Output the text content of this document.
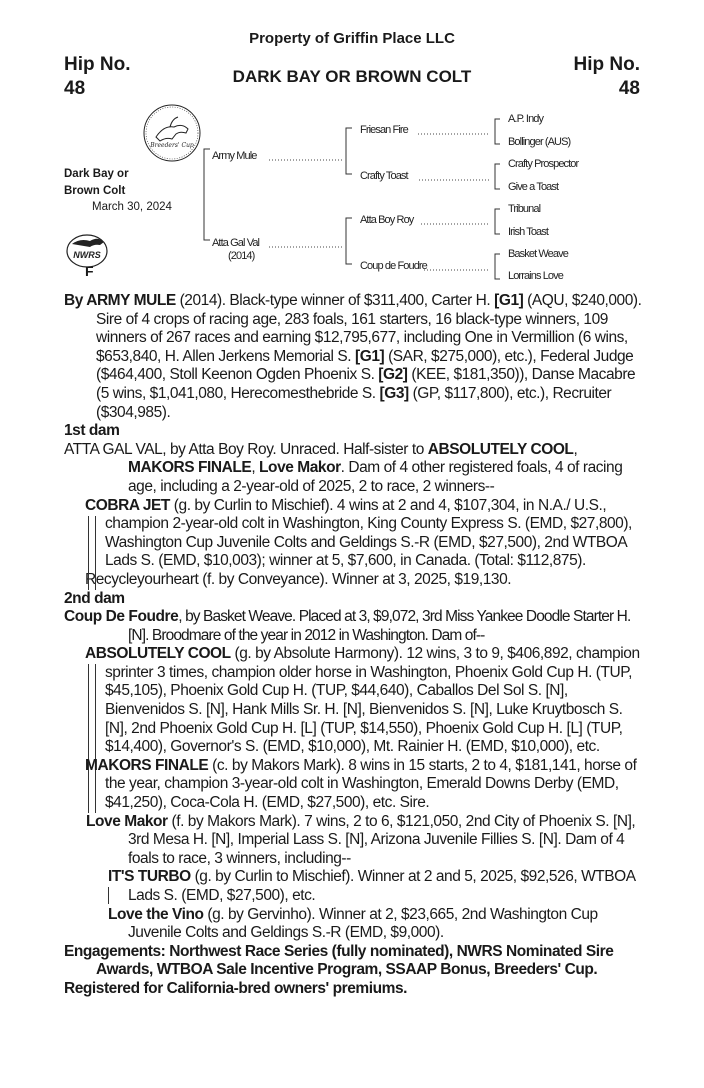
Property of Griffin Place LLC
Hip No.
48
Hip No.
48
DARK BAY OR BROWN COLT
Breeders' Cup
Dark Bay or
Brown Colt
March 30, 2024
NWRS
F
Army Mule
Atta Gal Val
(2014)
Friesan Fire
Crafty Toast
Atta Boy Roy
Coup de Foudre
A.P. Indy
Bollinger (AUS)
Crafty Prospector
Give a Toast
Tribunal
Irish Toast
Basket Weave
Lorrains Love

By ARMY MULE (2014). Black-type winner of $311,400, Carter H. [G1] (AQU, $240,000). Sire of 4 crops of racing age, 283 foals, 161 starters, 16 black-type winners, 109 winners of 267 races and earning $12,795,677, including One in Vermillion (6 wins, $653,840, H. Allen Jerkens Memorial S. [G1] (SAR, $275,000), etc.), Federal Judge ($464,400, Stoll Keenon Ogden Phoenix S. [G2] (KEE, $181,350)), Danse Macabre (5 wins, $1,041,080, Herecomesthebride S. [G3] (GP, $117,800), etc.), Recruiter ($304,985).

1st dam

ATTA GAL VAL, by Atta Boy Roy. Unraced. Half-sister to ABSOLUTELY COOL, MAKORS FINALE, Love Makor. Dam of 4 other registered foals, 4 of racing age, including a 2-year-old of 2025, 2 to race, 2 winners--

COBRA JET (g. by Curlin to Mischief). 4 wins at 2 and 4, $107,304, in N.A./ U.S., champion 2-year-old colt in Washington, King County Express S. (EMD, $27,800), Washington Cup Juvenile Colts and Geldings S.-R (EMD, $27,500), 2nd WTBOA Lads S. (EMD, $10,003); winner at 5, $7,600, in Canada. (Total: $112,875).

Recycleyourheart (f. by Conveyance). Winner at 3, 2025, $19,130.

2nd dam

Coup De Foudre, by Basket Weave. Placed at 3, $9,072, 3rd Miss Yankee Doodle Starter H. [N]. Broodmare of the year in 2012 in Washington. Dam of--

ABSOLUTELY COOL (g. by Absolute Harmony). 12 wins, 3 to 9, $406,892, champion sprinter 3 times, champion older horse in Washington, Phoenix Gold Cup H. (TUP, $45,105), Phoenix Gold Cup H. (TUP, $44,640), Caballos Del Sol S. [N], Bienvenidos S. [N], Hank Mills Sr. H. [N], Bienvenidos S. [N], Luke Kruytbosch S. [N], 2nd Phoenix Gold Cup H. [L] (TUP, $14,550), Phoenix Gold Cup H. [L] (TUP, $14,400), Governor's S. (EMD, $10,000), Mt. Rainier H. (EMD, $10,000), etc.

MAKORS FINALE (c. by Makors Mark). 8 wins in 15 starts, 2 to 4, $181,141, horse of the year, champion 3-year-old colt in Washington, Emerald Downs Derby (EMD, $41,250), Coca-Cola H. (EMD, $27,500), etc. Sire.

Love Makor (f. by Makors Mark). 7 wins, 2 to 6, $121,050, 2nd City of Phoenix S. [N], 3rd Mesa H. [N], Imperial Lass S. [N], Arizona Juvenile Fillies S. [N]. Dam of 4 foals to race, 3 winners, including--

IT'S TURBO (g. by Curlin to Mischief). Winner at 2 and 5, 2025, $92,526, WTBOA Lads S. (EMD, $27,500), etc.

Love the Vino (g. by Gervinho). Winner at 2, $23,665, 2nd Washington Cup Juvenile Colts and Geldings S.-R (EMD, $9,000).

Engagements: Northwest Race Series (fully nominated), NWRS Nominated Sire Awards, WTBOA Sale Incentive Program, SSAAP Bonus, Breeders' Cup.

Registered for California-bred owners' premiums.
